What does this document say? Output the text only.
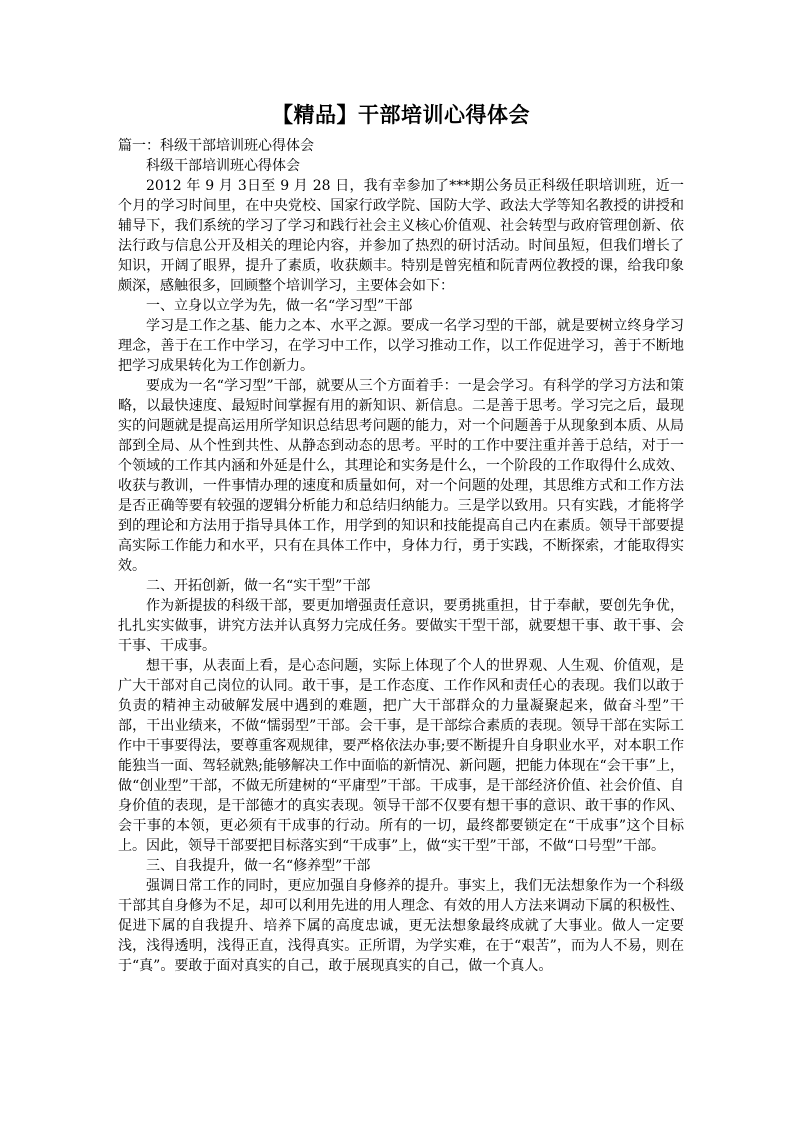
【精品】干部培训心得体会

篇一：科级干部培训班心得体会

科级干部培训班心得体会

2012 年 9 月 3日至 9 月 28 日，我有幸参加了***期公务员正科级任职培训班，近一个月的学习时间里，在中央党校、国家行政学院、国防大学、政法大学等知名教授的讲授和辅导下，我们系统的学习了学习和践行社会主义核心价值观、社会转型与政府管理创新、依法行政与信息公开及相关的理论内容，并参加了热烈的研讨活动。时间虽短，但我们增长了知识，开阔了眼界，提升了素质，收获颇丰。特别是曾宪植和阮青两位教授的课，给我印象颇深，感触很多，回顾整个培训学习，主要体会如下：

一、立身以立学为先，做一名“学习型”干部

学习是工作之基、能力之本、水平之源。要成一名学习型的干部，就是要树立终身学习理念，善于在工作中学习，在学习中工作，以学习推动工作，以工作促进学习，善于不断地把学习成果转化为工作创新力。

要成为一名“学习型”干部，就要从三个方面着手：一是会学习。有科学的学习方法和策略，以最快速度、最短时间掌握有用的新知识、新信息。二是善于思考。学习完之后，最现实的问题就是提高运用所学知识总结思考问题的能力，对一个问题善于从现象到本质、从局部到全局、从个性到共性、从静态到动态的思考。平时的工作中要注重并善于总结，对于一个领域的工作其内涵和外延是什么，其理论和实务是什么，一个阶段的工作取得什么成效、收获与教训，一件事情办理的速度和质量如何，对一个问题的处理，其思维方式和工作方法是否正确等要有较强的逻辑分析能力和总结归纳能力。三是学以致用。只有实践，才能将学到的理论和方法用于指导具体工作，用学到的知识和技能提高自己内在素质。领导干部要提高实际工作能力和水平，只有在具体工作中，身体力行，勇于实践，不断探索，才能取得实效。

二、开拓创新，做一名“实干型”干部

作为新提拔的科级干部，要更加增强责任意识，要勇挑重担，甘于奉献，要创先争优，扎扎实实做事，讲究方法并认真努力完成任务。要做实干型干部，就要想干事、敢干事、会干事、干成事。

想干事，从表面上看，是心态问题，实际上体现了个人的世界观、人生观、价值观，是广大干部对自己岗位的认同。敢干事，是工作态度、工作作风和责任心的表现。我们以敢于负责的精神主动破解发展中遇到的难题，把广大干部群众的力量凝聚起来，做奋斗型”干部，干出业绩来，不做“懦弱型”干部。会干事，是干部综合素质的表现。领导干部在实际工作中干事要得法，要尊重客观规律，要严格依法办事;要不断提升自身职业水平，对本职工作能独当一面、驾轻就熟;能够解决工作中面临的新情况、新问题，把能力体现在“会干事”上，做“创业型”干部，不做无所建树的“平庸型”干部。干成事，是干部经济价值、社会价值、自身价值的表现，是干部德才的真实表现。领导干部不仅要有想干事的意识、敢干事的作风、会干事的本领，更必须有干成事的行动。所有的一切，最终都要锁定在“干成事”这个目标上。因此，领导干部要把目标落实到“干成事”上，做“实干型”干部，不做“口号型”干部。

三、自我提升，做一名“修养型”干部

强调日常工作的同时，更应加强自身修养的提升。事实上，我们无法想象作为一个科级干部其自身修为不足，却可以利用先进的用人理念、有效的用人方法来调动下属的积极性、促进下属的自我提升、培养下属的高度忠诚，更无法想象最终成就了大事业。做人一定要浅，浅得透明，浅得正直，浅得真实。正所谓，为学实难，在于“艰苦”，而为人不易，则在于“真”。要敢于面对真实的自己，敢于展现真实的自己，做一个真人。
